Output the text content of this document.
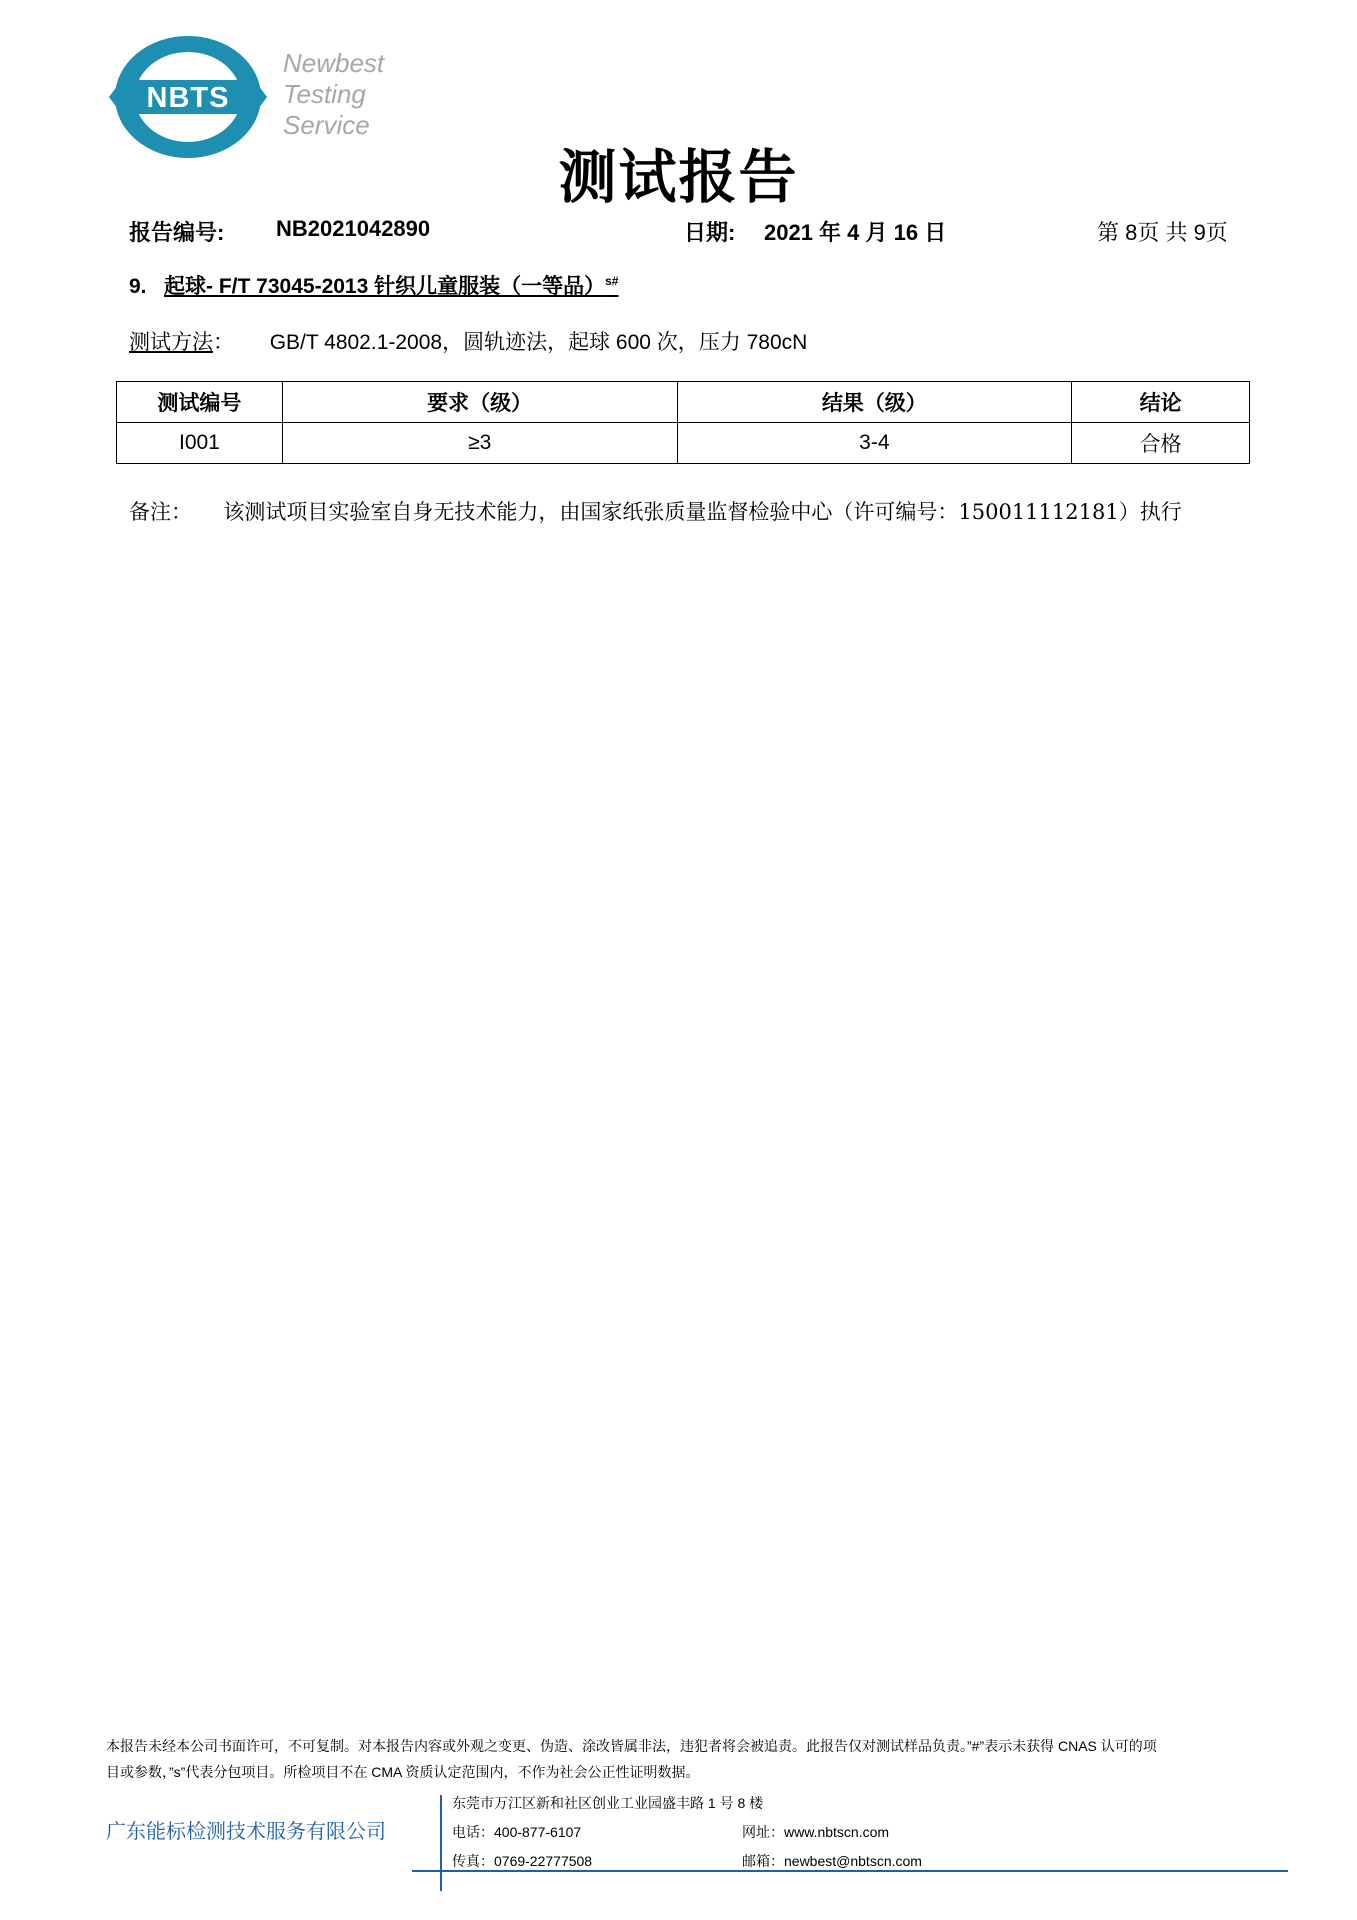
NBTS
Newbest
Testing
Service
测试报告
报告编号: NB2021042890	日期: 2021 年 4 月 16 日	第 8页 共 9页
9. 起球- F/T 73045-2013 针织儿童服装（一等品）$^{s\#}$
测试方法： GB/T 4802.1-2008，圆轨迹法，起球 600 次，压力 780cN
测试编号	要求（级）	结果（级）	结论
I001	≥3	3-4	合格
备注： 该测试项目实验室自身无技术能力，由国家纸张质量监督检验中心（许可编号：150011112181）执行
本报告未经本公司书面许可，不可复制。对本报告内容或外观之变更、伪造、涂改皆属非法，违犯者将会被追责。此报告仅对测试样品负责。”#”表示未获得 CNAS 认可的项
目或参数，”s”代表分包项目。所检项目不在 CMA 资质认定范围内，不作为社会公正性证明数据。
广东能标检测技术服务有限公司
东莞市万江区新和社区创业工业园盛丰路 1 号 8 楼
电话：400-877-6107
传真：0769-22777508
网址：www.nbtscn.com
邮箱：newbest@nbtscn.com
